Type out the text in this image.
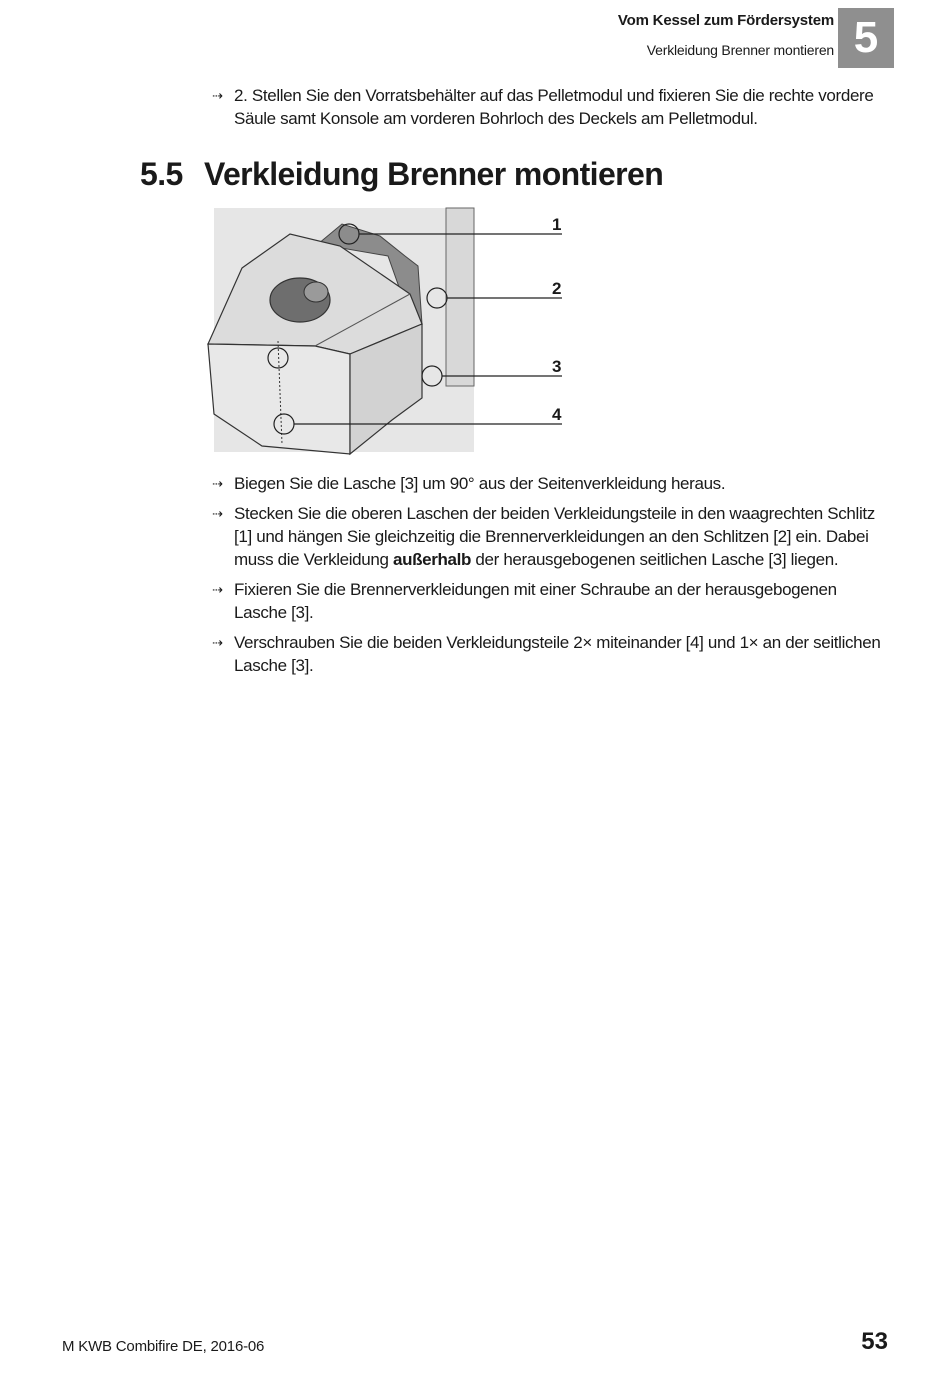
Vom Kessel zum Fördersystem
Verkleidung Brenner montieren 5
⇢ 2. Stellen Sie den Vorratsbehälter auf das Pelletmodul und fixieren Sie die rechte vordere Säule samt Konsole am vorderen Bohrloch des Deckels am Pelletmodul.
5.5 Verkleidung Brenner montieren
1
2
3
4
⇢ Biegen Sie die Lasche [3] um 90° aus der Seitenverkleidung heraus.
⇢ Stecken Sie die oberen Laschen der beiden Verkleidungsteile in den waagrechten Schlitz [1] und hängen Sie gleichzeitig die Brennerverkleidungen an den Schlitzen [2] ein. Dabei muss die Verkleidung außerhalb der herausgebogenen seitlichen Lasche [3] liegen.
⇢ Fixieren Sie die Brennerverkleidungen mit einer Schraube an der herausgebogenen Lasche [3].
⇢ Verschrauben Sie die beiden Verkleidungsteile 2× miteinander [4] und 1× an der seitlichen Lasche [3].
M KWB Combifire DE, 2016-06	53
